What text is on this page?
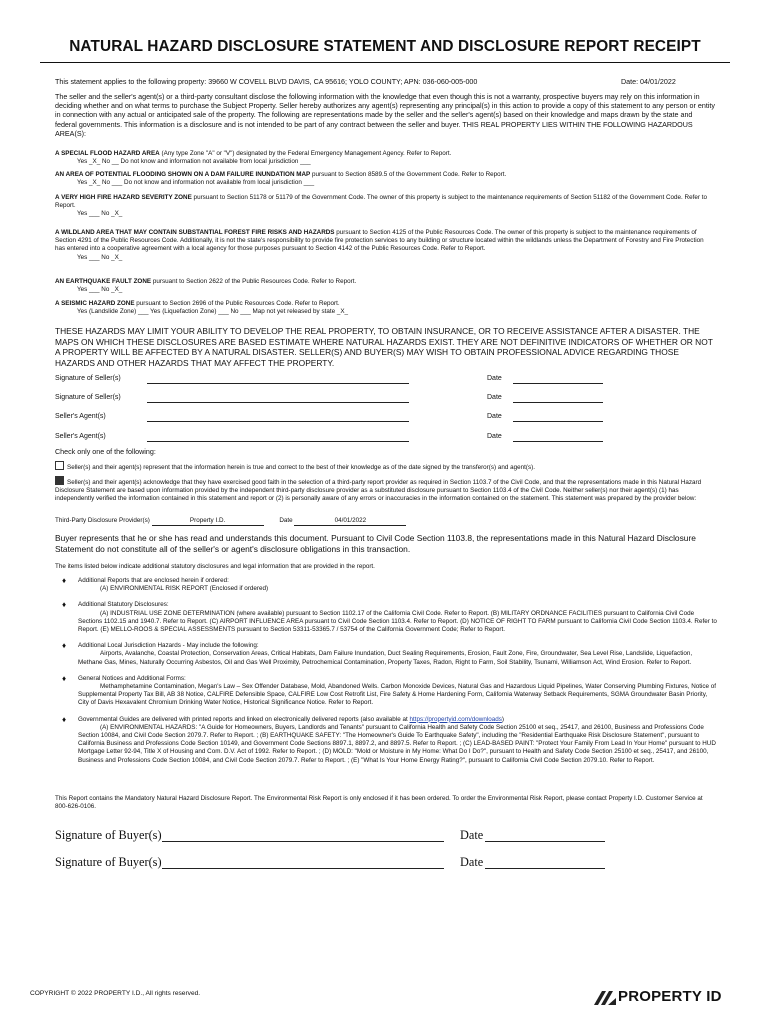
NATURAL HAZARD DISCLOSURE STATEMENT AND DISCLOSURE REPORT RECEIPT
This statement applies to the following property: 39660 W COVELL BLVD DAVIS, CA 95616; YOLO COUNTY; APN: 036-060-005-000	Date: 04/01/2022
The seller and the seller's agent(s) or a third-party consultant disclose the following information with the knowledge that even though this is not a warranty, prospective buyers may rely on this information in deciding whether and on what terms to purchase the Subject Property. Seller hereby authorizes any agent(s) representing any principal(s) in this action to provide a copy of this statement to any person or entity in connection with any actual or anticipated sale of the property. The following are representations made by the seller and the seller's agent(s) based on their knowledge and maps drawn by the state and federal governments. This information is a disclosure and is not intended to be part of any contract between the seller and buyer. THIS REAL PROPERTY LIES WITHIN THE FOLLOWING HAZARDOUS AREA(S):
A SPECIAL FLOOD HAZARD AREA (Any type Zone "A" or "V") designated by the Federal Emergency Management Agency. Refer to Report.
Yes _X_ No __ Do not know and information not available from local jurisdiction ___
AN AREA OF POTENTIAL FLOODING SHOWN ON A DAM FAILURE INUNDATION MAP pursuant to Section 8589.5 of the Government Code. Refer to Report.
Yes _X_ No ___ Do not know and information not available from local jurisdiction ___
A VERY HIGH FIRE HAZARD SEVERITY ZONE pursuant to Section 51178 or 51179 of the Government Code. The owner of this property is subject to the maintenance requirements of Section 51182 of the Government Code. Refer to Report.
Yes ___ No _X_
A WILDLAND AREA THAT MAY CONTAIN SUBSTANTIAL FOREST FIRE RISKS AND HAZARDS pursuant to Section 4125 of the Public Resources Code. The owner of this property is subject to the maintenance requirements of Section 4291 of the Public Resources Code. Additionally, it is not the state's responsibility to provide fire protection services to any building or structure located within the wildlands unless the Department of Forestry and Fire Protection has entered into a cooperative agreement with a local agency for those purposes pursuant to Section 4142 of the Public Resources Code. Refer to Report.
Yes ___ No _X_
AN EARTHQUAKE FAULT ZONE pursuant to Section 2622 of the Public Resources Code. Refer to Report.
Yes ___ No _X_
A SEISMIC HAZARD ZONE pursuant to Section 2696 of the Public Resources Code. Refer to Report.
Yes (Landslide Zone) ___ Yes (Liquefaction Zone) ___ No ___ Map not yet released by state _X_
THESE HAZARDS MAY LIMIT YOUR ABILITY TO DEVELOP THE REAL PROPERTY, TO OBTAIN INSURANCE, OR TO RECEIVE ASSISTANCE AFTER A DISASTER. THE MAPS ON WHICH THESE DISCLOSURES ARE BASED ESTIMATE WHERE NATURAL HAZARDS EXIST. THEY ARE NOT DEFINITIVE INDICATORS OF WHETHER OR NOT A PROPERTY WILL BE AFFECTED BY A NATURAL DISASTER. SELLER(S) AND BUYER(S) MAY WISH TO OBTAIN PROFESSIONAL ADVICE REGARDING THOSE HAZARDS AND OTHER HAZARDS THAT MAY AFFECT THE PROPERTY.
Signature of Seller(s)	Date
Signature of Seller(s)	Date
Seller's Agent(s)	Date
Seller's Agent(s)	Date
Check only one of the following:
Seller(s) and their agent(s) represent that the information herein is true and correct to the best of their knowledge as of the date signed by the transferor(s) and agent(s).
Seller(s) and their agent(s) acknowledge that they have exercised good faith in the selection of a third-party report provider as required in Section 1103.7 of the Civil Code, and that the representations made in this Natural Hazard Disclosure Statement are based upon information provided by the independent third-party disclosure provider as a substituted disclosure pursuant to Section 1103.4 of the Civil Code. Neither seller(s) nor their agent(s) (1) has independently verified the information contained in this statement and report or (2) is personally aware of any errors or inaccuracies in the information contained on the statement. This statement was prepared by the provider below:
Third-Party Disclosure Provider(s)	Property I.D.	Date	04/01/2022
Buyer represents that he or she has read and understands this document. Pursuant to Civil Code Section 1103.8, the representations made in this Natural Hazard Disclosure Statement do not constitute all of the seller's or agent's disclosure obligations in this transaction.
The items listed below indicate additional statutory disclosures and legal information that are provided in the report.
♦ Additional Reports that are enclosed herein if ordered:
(A) ENVIRONMENTAL RISK REPORT (Enclosed if ordered)
♦ Additional Statutory Disclosures:
(A) INDUSTRIAL USE ZONE DETERMINATION (where available) pursuant to Section 1102.17 of the California Civil Code. Refer to Report. (B) MILITARY ORDNANCE FACILITIES pursuant to California Civil Code Sections 1102.15 and 1940.7. Refer to Report. (C) AIRPORT INFLUENCE AREA pursuant to Civil Code Section 1103.4. Refer to Report. (D) NOTICE OF RIGHT TO FARM pursuant to California Civil Code Section 1103.4. Refer to Report. (E) MELLO-ROOS & SPECIAL ASSESSMENTS pursuant to Section 53311-53365.7 / 53754 of the California Government Code; Refer to Report.
♦ Additional Local Jurisdiction Hazards - May include the following:
Airports, Avalanche, Coastal Protection, Conservation Areas, Critical Habitats, Dam Failure Inundation, Duct Sealing Requirements, Erosion, Fault Zone, Fire, Groundwater, Sea Level Rise, Landslide, Liquefaction, Methane Gas, Mines, Naturally Occurring Asbestos, Oil and Gas Well Proximity, Petrochemical Contamination, Property Taxes, Radon, Right to Farm, Soil Stability, Tsunami, Williamson Act, Wind Erosion. Refer to Report.
♦ General Notices and Additional Forms:
Methamphetamine Contamination, Megan's Law – Sex Offender Database, Mold, Abandoned Wells. Carbon Monoxide Devices, Natural Gas and Hazardous Liquid Pipelines, Water Conserving Plumbing Fixtures, Notice of Supplemental Property Tax Bill, AB 38 Notice, CALFIRE Defensible Space, CALFIRE Low Cost Retrofit List, Fire Safety & Home Hardening Form, California Waterway Setback Requirements, SGMA Groundwater Basin Priority, City of Davis Hexavalent Chromium Drinking Water Notice, Historical Significance Notice. Refer to Report.
♦ Governmental Guides are delivered with printed reports and linked on electronically delivered reports (also available at https://propertyid.com/downloads)
(A) ENVIRONMENTAL HAZARDS: "A Guide for Homeowners, Buyers, Landlords and Tenants" pursuant to California Health and Safety Code Section 25100 et seq., 25417, and 26100, Business and Professions Code Section 10084, and Civil Code Section 2079.7. Refer to Report. ; (B) EARTHQUAKE SAFETY: "The Homeowner's Guide To Earthquake Safety", including the "Residential Earthquake Risk Disclosure Statement", pursuant to California Business and Professions Code Section 10149, and Government Code Sections 8897.1, 8897.2, and 8897.5. Refer to Report. ; (C) LEAD-BASED PAINT: "Protect Your Family From Lead In Your Home" pursuant to HUD Mortgage Letter 92-94, Title X of Housing and Com. D.V. Act of 1992. Refer to Report. ; (D) MOLD: "Mold or Moisture in My Home: What Do I Do?", pursuant to Health and Safety Code Section 25100 et seq., 25417, and 26100, Business and Professions Code Section 10084, and Civil Code Section 2079.7. Refer to Report. ; (E) "What Is Your Home Energy Rating?", pursuant to California Civil Code Section 2079.10. Refer to Report.
This Report contains the Mandatory Natural Hazard Disclosure Report. The Environmental Risk Report is only enclosed if it has been ordered. To order the Environmental Risk Report, please contact Property I.D. Customer Service at 800-626-0106.
Signature of Buyer(s)	Date
Signature of Buyer(s)	Date
COPYRIGHT © 2022 PROPERTY I.D., All rights reserved.	PROPERTY ID
